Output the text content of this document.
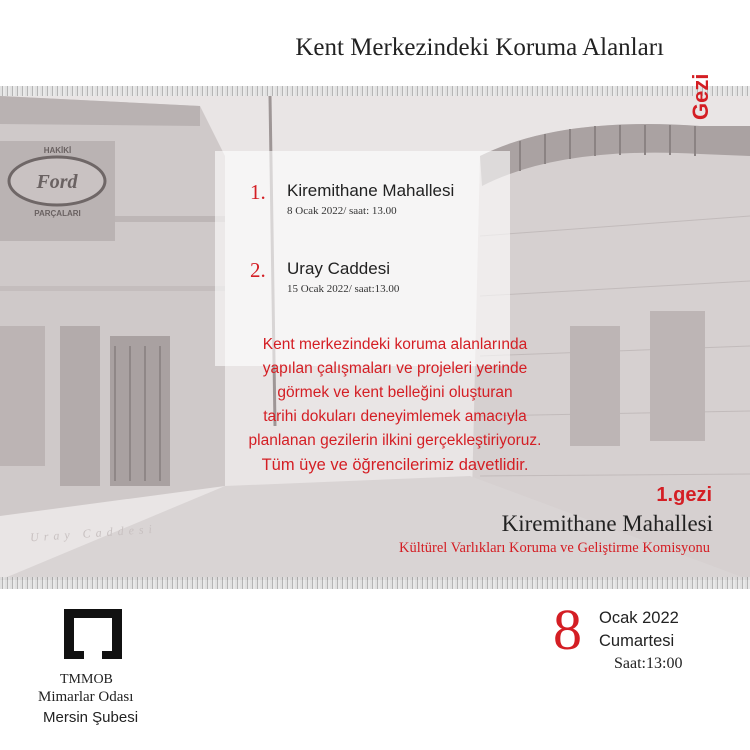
Kent Merkezindeki Koruma Alanları
HAKİKİ
Ford
PARÇALARI
Uray Caddesi
Gezi
1. Kiremithane Mahallesi
8 Ocak 2022/ saat: 13.00
2. Uray Caddesi
15 Ocak 2022/ saat:13.00
Kent merkezindeki koruma alanlarında
yapılan çalışmaları ve projeleri yerinde
görmek ve kent belleğini oluşturan
tarihi dokuları deneyimlemek amacıyla
planlanan gezilerin ilkini gerçekleştiriyoruz.
Tüm üye ve öğrencilerimiz davetlidir.
1.gezi
Kiremithane Mahallesi
Kültürel Varlıkları Koruma ve Geliştirme Komisyonu
TMMOB
Mimarlar Odası
Mersin Şubesi
8 Ocak 2022
Cumartesi
Saat:13:00
